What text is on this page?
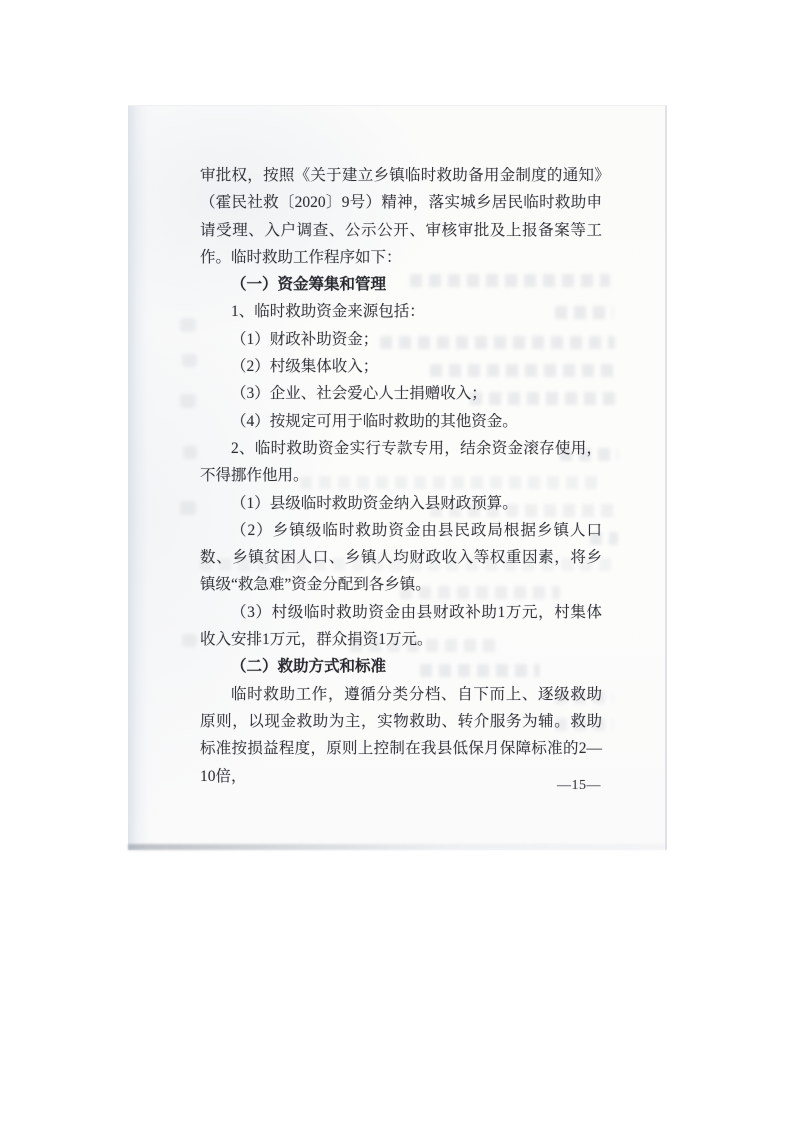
审批权，按照《关于建立乡镇临时救助备用金制度的通知》（霍民社救〔2020〕9号）精神，落实城乡居民临时救助申请受理、入户调查、公示公开、审核审批及上报备案等工作。临时救助工作程序如下：

（一）资金筹集和管理

1、临时救助资金来源包括：

（1）财政补助资金；

（2）村级集体收入；

（3）企业、社会爱心人士捐赠收入；

（4）按规定可用于临时救助的其他资金。

2、临时救助资金实行专款专用，结余资金滚存使用，不得挪作他用。

（1）县级临时救助资金纳入县财政预算。

（2）乡镇级临时救助资金由县民政局根据乡镇人口数、乡镇贫困人口、乡镇人均财政收入等权重因素，将乡镇级“救急难”资金分配到各乡镇。

（3）村级临时救助资金由县财政补助1万元，村集体收入安排1万元，群众捐资1万元。

（二）救助方式和标准

临时救助工作，遵循分类分档、自下而上、逐级救助原则，以现金救助为主，实物救助、转介服务为辅。救助标准按损益程度，原则上控制在我县低保月保障标准的2—10倍，

—15—
